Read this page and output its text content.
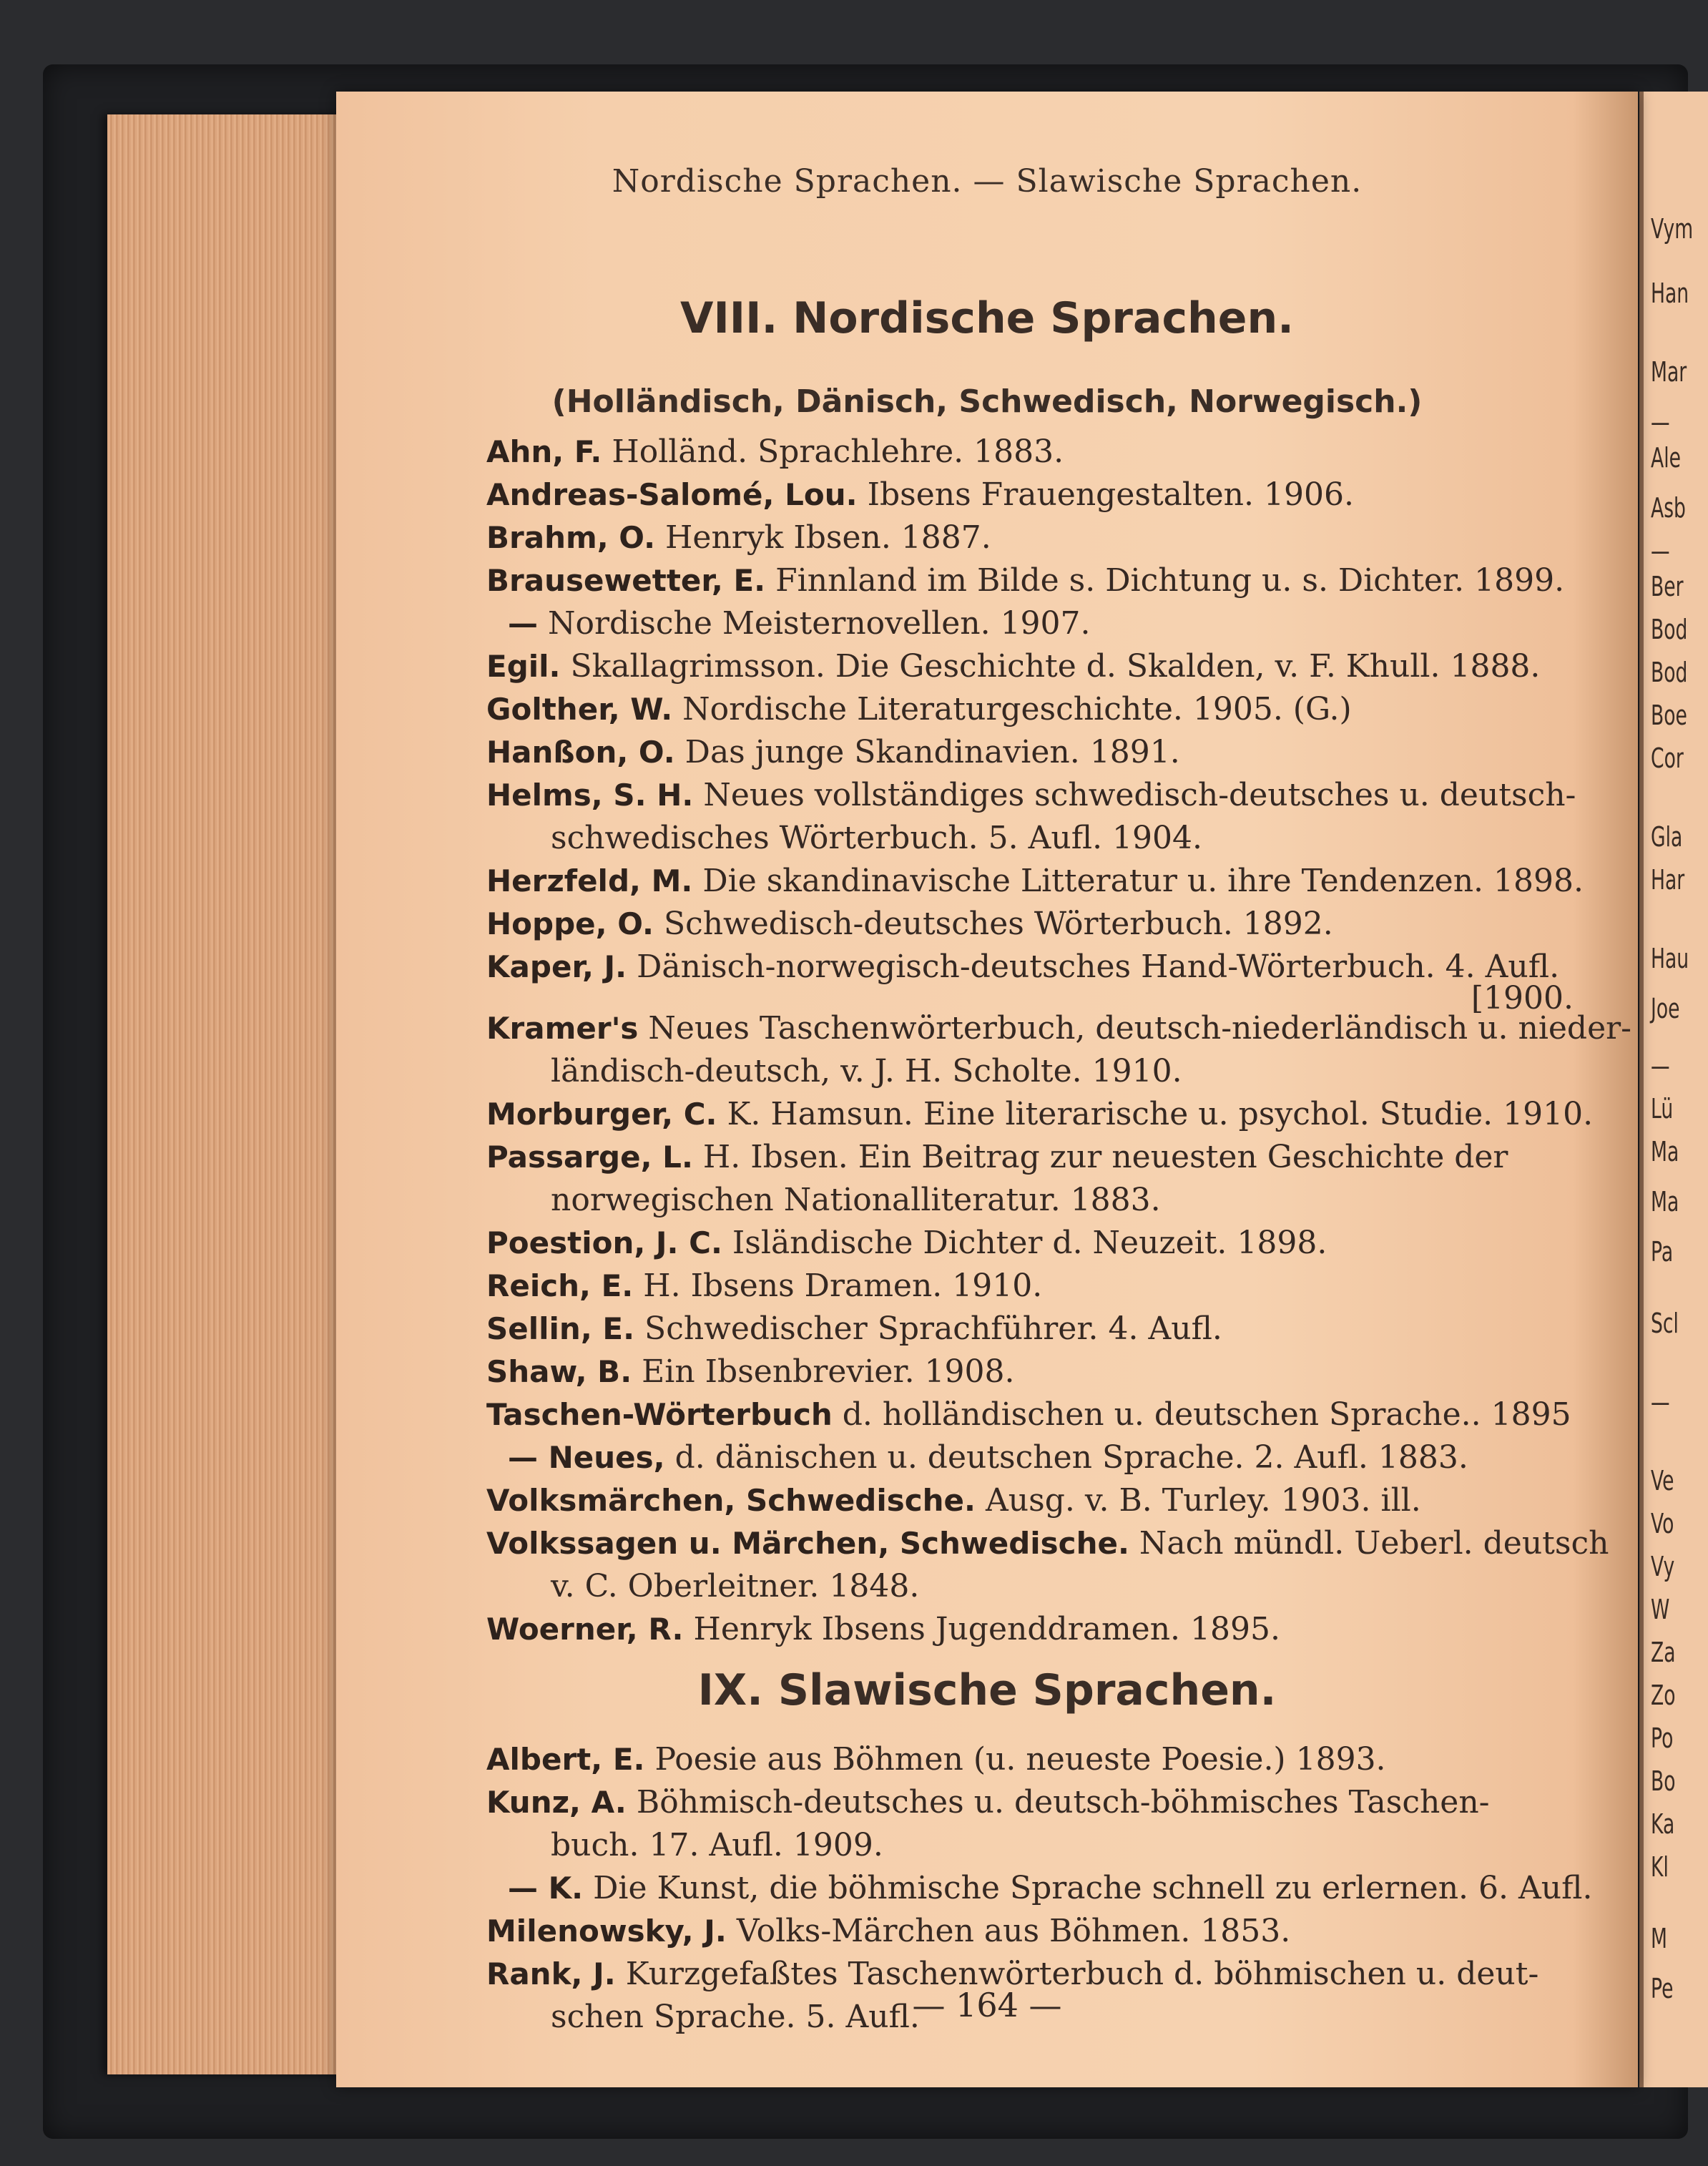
Vym
Han
Mar
—
Ale
Asb
—
Ber
Bod
Bod
Boe
Cor
Gla
Har
Hau
Joe
—
Lü
Ma
Ma
Pa
Scl
—
Ve
Vo
Vy
W
Za
Zo
Po
Bo
Ka
Kl
M
Pe
Nordische Sprachen. — Slawische Sprachen.
VIII. Nordische Sprachen.
(Holländisch, Dänisch, Schwedisch, Norwegisch.)
Ahn, F. Holländ. Sprachlehre. 1883.
Andreas-Salomé, Lou. Ibsens Frauengestalten. 1906.
Brahm, O. Henryk Ibsen. 1887.
Brausewetter, E. Finnland im Bilde s. Dichtung u. s. Dichter. 1899.
— Nordische Meisternovellen. 1907.
Egil. Skallagrimsson. Die Geschichte d. Skalden, v. F. Khull. 1888.
Golther, W. Nordische Literaturgeschichte. 1905. (G.)
Hanßon, O. Das junge Skandinavien. 1891.
Helms, S. H. Neues vollständiges schwedisch-deutsches u. deutsch-
schwedisches Wörterbuch. 5. Aufl. 1904.
Herzfeld, M. Die skandinavische Litteratur u. ihre Tendenzen. 1898.
Hoppe, O. Schwedisch-deutsches Wörterbuch. 1892.
Kaper, J. Dänisch-norwegisch-deutsches Hand-Wörterbuch. 4. Aufl.
[1900.
Kramer's Neues Taschenwörterbuch, deutsch-niederländisch u. nieder-
ländisch-deutsch, v. J. H. Scholte. 1910.
Morburger, C. K. Hamsun. Eine literarische u. psychol. Studie. 1910.
Passarge, L. H. Ibsen. Ein Beitrag zur neuesten Geschichte der
norwegischen Nationalliteratur. 1883.
Poestion, J. C. Isländische Dichter d. Neuzeit. 1898.
Reich, E. H. Ibsens Dramen. 1910.
Sellin, E. Schwedischer Sprachführer. 4. Aufl.
Shaw, B. Ein Ibsenbrevier. 1908.
Taschen-Wörterbuch d. holländischen u. deutschen Sprache.. 1895
— Neues, d. dänischen u. deutschen Sprache. 2. Aufl. 1883.
Volksmärchen, Schwedische. Ausg. v. B. Turley. 1903. ill.
Volkssagen u. Märchen, Schwedische. Nach mündl. Ueberl. deutsch
v. C. Oberleitner. 1848.
Woerner, R. Henryk Ibsens Jugenddramen. 1895.
IX. Slawische Sprachen.
Albert, E. Poesie aus Böhmen (u. neueste Poesie.) 1893.
Kunz, A. Böhmisch-deutsches u. deutsch-böhmisches Taschen-
buch. 17. Aufl. 1909.
— K. Die Kunst, die böhmische Sprache schnell zu erlernen. 6. Aufl.
Milenowsky, J. Volks-Märchen aus Böhmen. 1853.
Rank, J. Kurzgefaßtes Taschenwörterbuch d. böhmischen u. deut-
schen Sprache. 5. Aufl.
— 164 —
